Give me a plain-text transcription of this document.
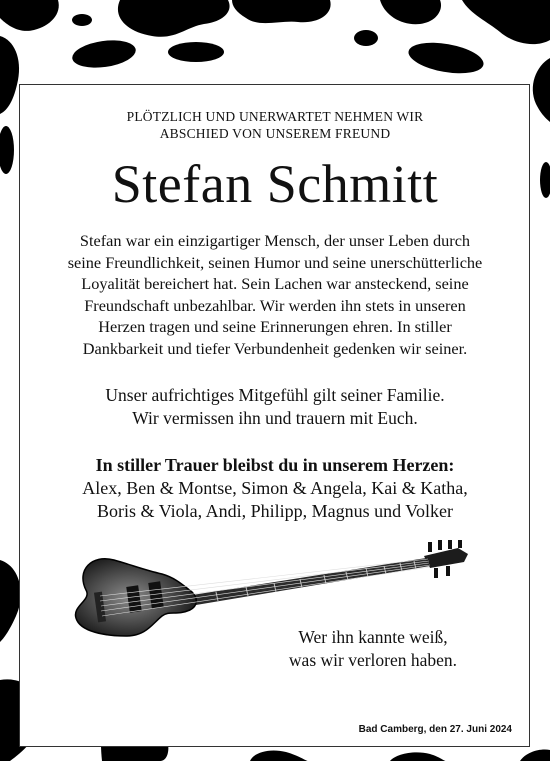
PLÖTZLICH UND UNERWARTET NEHMEN WIR
ABSCHIED VON UNSEREM FREUND
Stefan Schmitt
Stefan war ein einzigartiger Mensch, der unser Leben durch
seine Freundlichkeit, seinen Humor und seine unerschütterliche
Loyalität bereichert hat. Sein Lachen war ansteckend, seine
Freundschaft unbezahlbar. Wir werden ihn stets in unseren
Herzen tragen und seine Erinnerungen ehren. In stiller
Dankbarkeit und tiefer Verbundenheit gedenken wir seiner.
Unser aufrichtiges Mitgefühl gilt seiner Familie.
Wir vermissen ihn und trauern mit Euch.
In stiller Trauer bleibst du in unserem Herzen:
Alex, Ben & Montse, Simon & Angela, Kai & Katha,
Boris & Viola, Andi, Philipp, Magnus und Volker
Wer ihn kannte weiß,
was wir verloren haben.
Bad Camberg, den 27. Juni 2024
